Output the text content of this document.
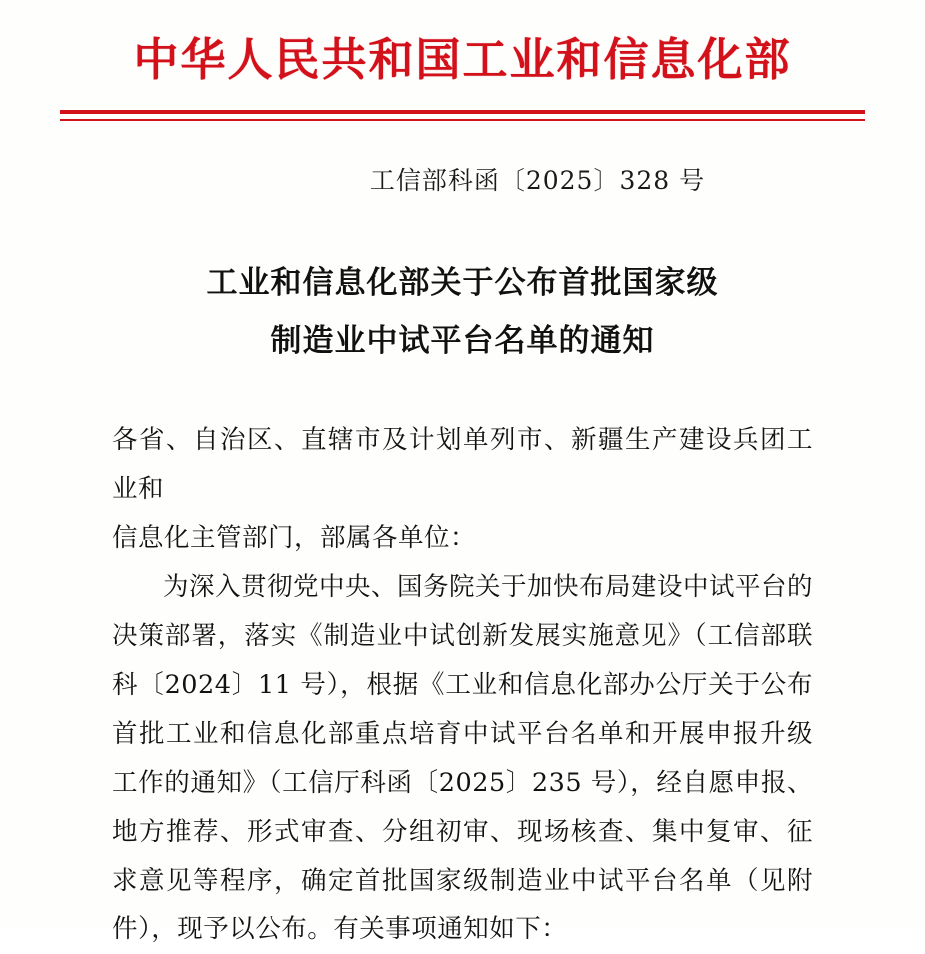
中华人民共和国工业和信息化部
工信部科函〔2025〕328 号
工业和信息化部关于公布首批国家级
制造业中试平台名单的通知

各省、自治区、直辖市及计划单列市、新疆生产建设兵团工业和

信息化主管部门，部属各单位：

为深入贯彻党中央、国务院关于加快布局建设中试平台的决策部署，落实《制造业中试创新发展实施意见》（工信部联科〔2024〕11 号），根据《工业和信息化部办公厅关于公布首批工业和信息化部重点培育中试平台名单和开展申报升级工作的通知》（工信厅科函〔2025〕235 号），经自愿申报、地方推荐、形式审查、分组初审、现场核查、集中复审、征求意见等程序，确定首批国家级制造业中试平台名单（见附件），现予以公布。有关事项通知如下：
